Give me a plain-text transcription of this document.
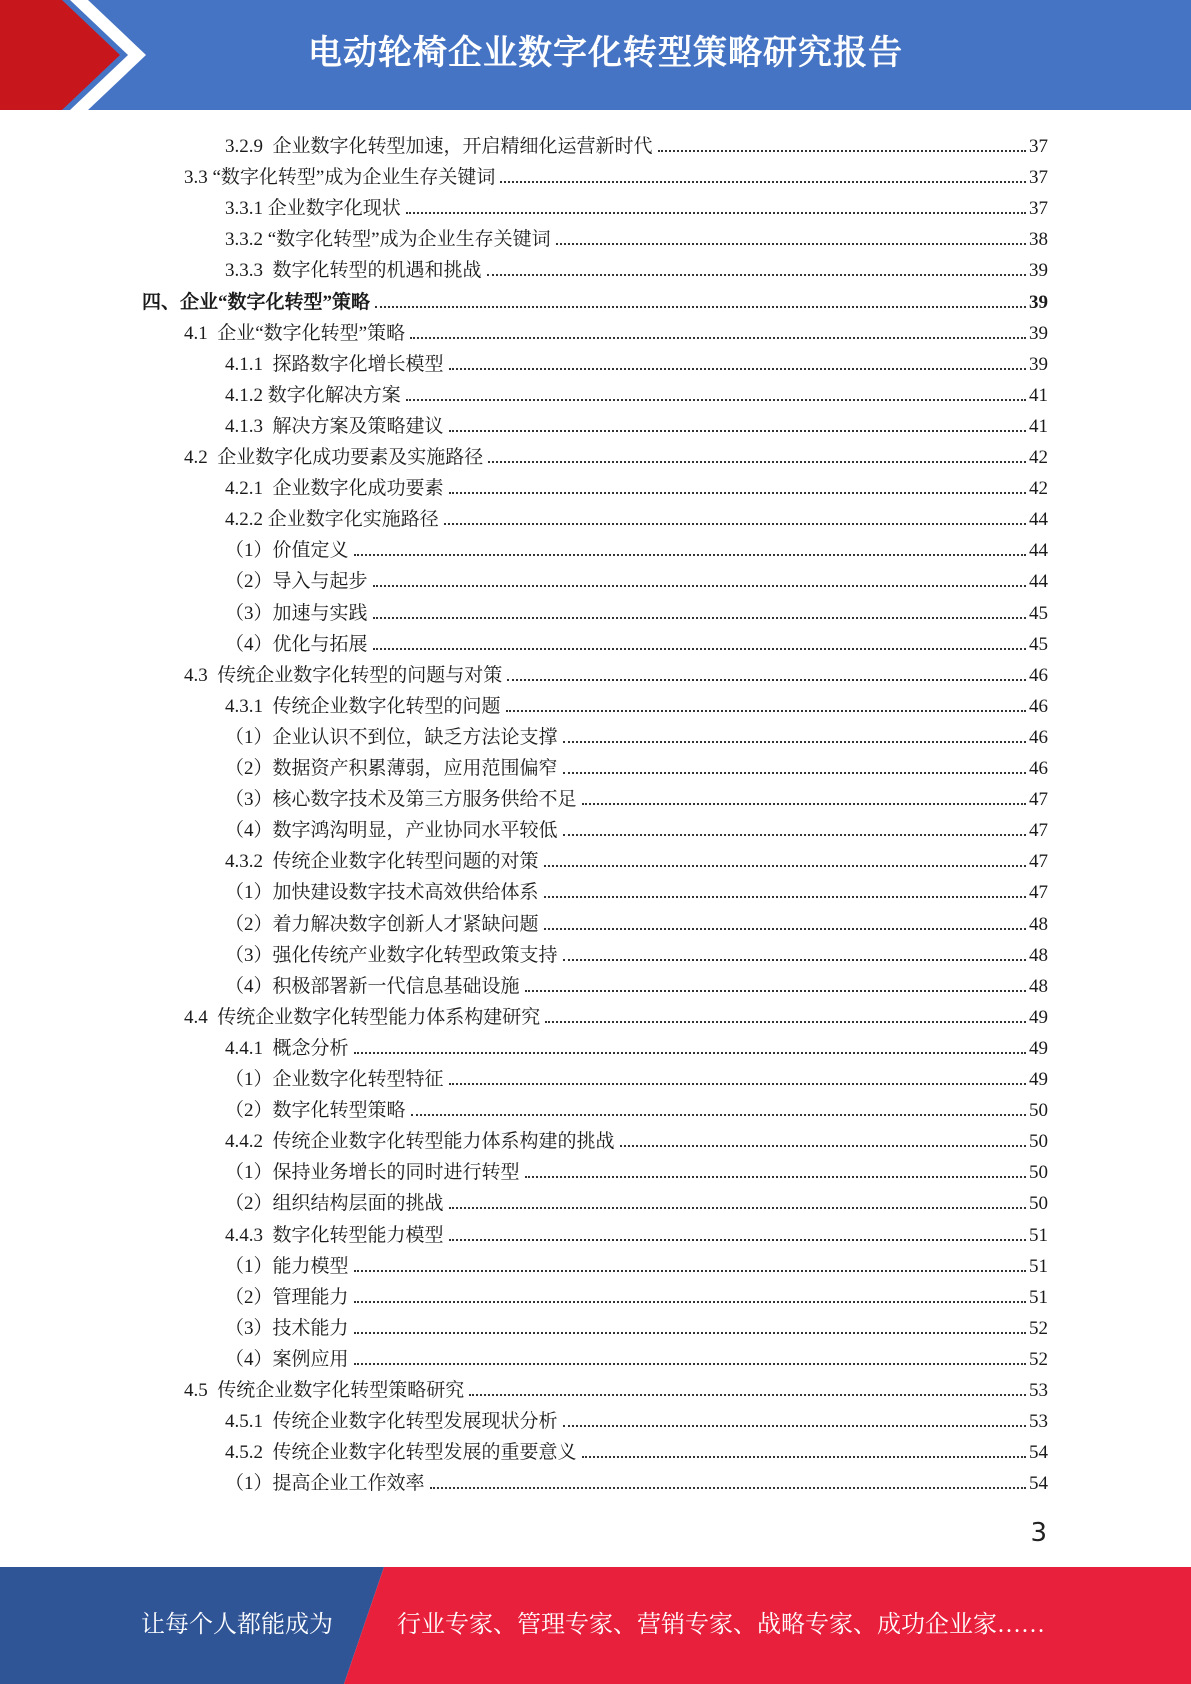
电动轮椅企业数字化转型策略研究报告
3.2.9  企业数字化转型加速，开启精细化运营新时代	37
3.3 “数字化转型”成为企业生存关键词	37
3.3.1 企业数字化现状	37
3.3.2 “数字化转型”成为企业生存关键词	38
3.3.3  数字化转型的机遇和挑战	39
四、企业“数字化转型”策略	39
4.1  企业“数字化转型”策略	39
4.1.1  探路数字化增长模型	39
4.1.2 数字化解决方案	41
4.1.3  解决方案及策略建议	41
4.2  企业数字化成功要素及实施路径	42
4.2.1  企业数字化成功要素	42
4.2.2 企业数字化实施路径	44
（1）价值定义	44
（2）导入与起步	44
（3）加速与实践	45
（4）优化与拓展	45
4.3  传统企业数字化转型的问题与对策	46
4.3.1  传统企业数字化转型的问题	46
（1）企业认识不到位，缺乏方法论支撑	46
（2）数据资产积累薄弱，应用范围偏窄	46
（3）核心数字技术及第三方服务供给不足	47
（4）数字鸿沟明显，产业协同水平较低	47
4.3.2  传统企业数字化转型问题的对策	47
（1）加快建设数字技术高效供给体系	47
（2）着力解决数字创新人才紧缺问题	48
（3）强化传统产业数字化转型政策支持	48
（4）积极部署新一代信息基础设施	48
4.4  传统企业数字化转型能力体系构建研究	49
4.4.1  概念分析	49
（1）企业数字化转型特征	49
（2）数字化转型策略	50
4.4.2  传统企业数字化转型能力体系构建的挑战	50
（1）保持业务增长的同时进行转型	50
（2）组织结构层面的挑战	50
4.4.3  数字化转型能力模型	51
（1）能力模型	51
（2）管理能力	51
（3）技术能力	52
（4）案例应用	52
4.5  传统企业数字化转型策略研究	53
4.5.1  传统企业数字化转型发展现状分析	53
4.5.2  传统企业数字化转型发展的重要意义	54
（1）提高企业工作效率	54
3
让每个人都能成为	行业专家、管理专家、营销专家、战略专家、成功企业家……
